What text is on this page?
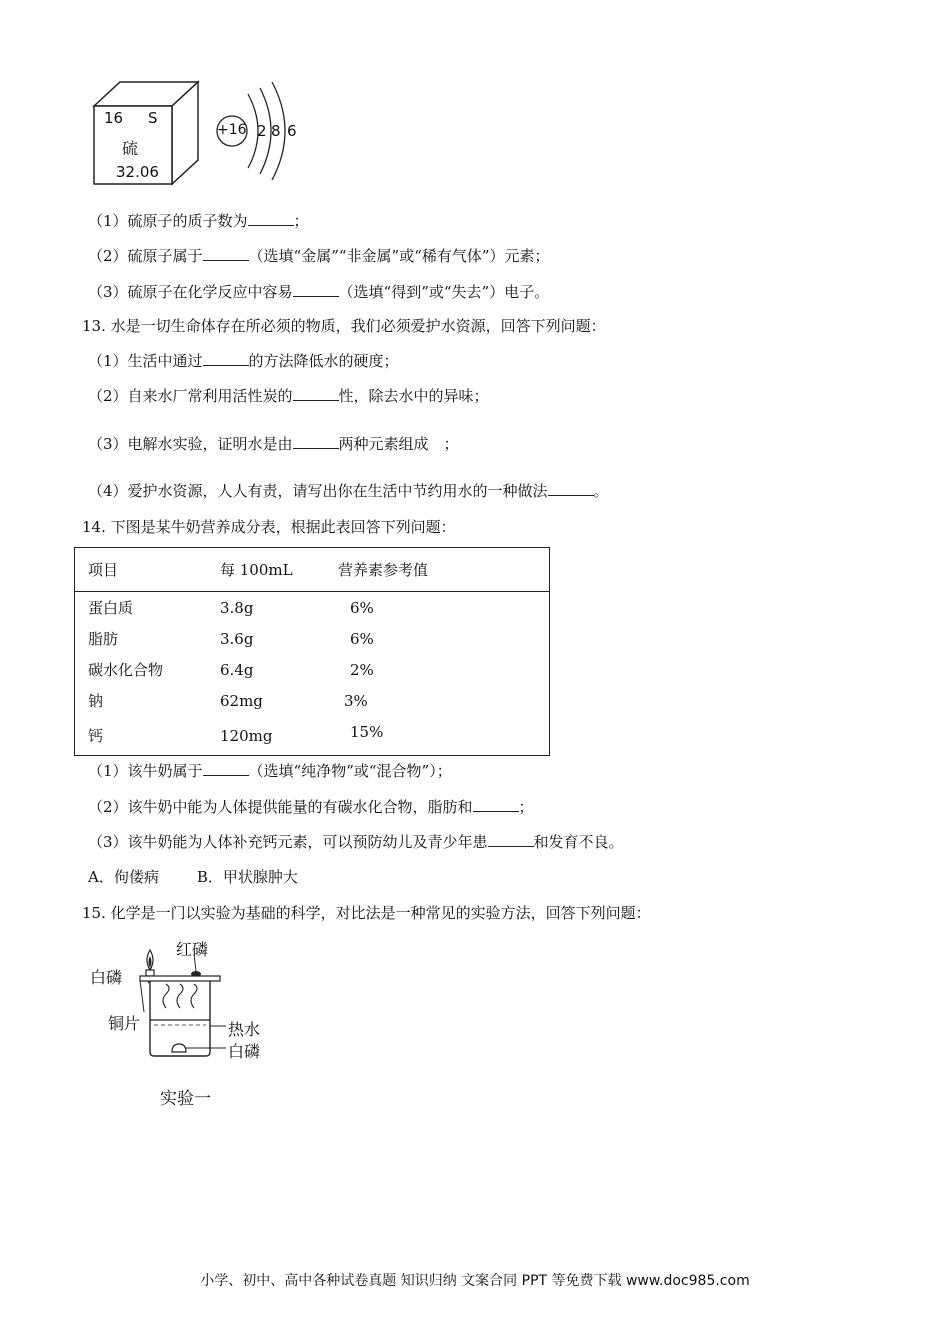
16 S
硫
32.06
+16 2 8 6
（1）硫原子的质子数为	；
（2）硫原子属于	（选填“金属”“非金属”或“稀有气体”）元素；
（3）硫原子在化学反应中容易	（选填“得到”或“失去”）电子。
13. 水是一切生命体存在所必须的物质，我们必须爱护水资源，回答下列问题：
（1）生活中通过	的方法降低水的硬度；
（2）自来水厂常利用活性炭的	性，除去水中的异味；
（3）电解水实验，证明水是由	两种元素组成　；
（4）爱护水资源，人人有责，请写出你在生活中节约用水的一种做法	。
14. 下图是某牛奶营养成分表，根据此表回答下列问题：
项目	每 100mL	营养素参考值
蛋白质	3.8g	6%
脂肪	3.6g	6%
碳水化合物	6.4g	2%
钠	62mg	3%
钙	120mg	15%
（1）该牛奶属于	（选填“纯净物”或“混合物”）；
（2）该牛奶中能为人体提供能量的有碳水化合物，脂肪和	；
（3）该牛奶能为人体补充钙元素，可以预防幼儿及青少年患	和发育不良。
A．佝偻病	B．甲状腺肿大
15. 化学是一门以实验为基础的科学，对比法是一种常见的实验方法，回答下列问题：
红磷
白磷
铜片	热水
白磷
实验一
小学、初中、高中各种试卷真题 知识归纳 文案合同 PPT 等免费下载 www.doc985.com
